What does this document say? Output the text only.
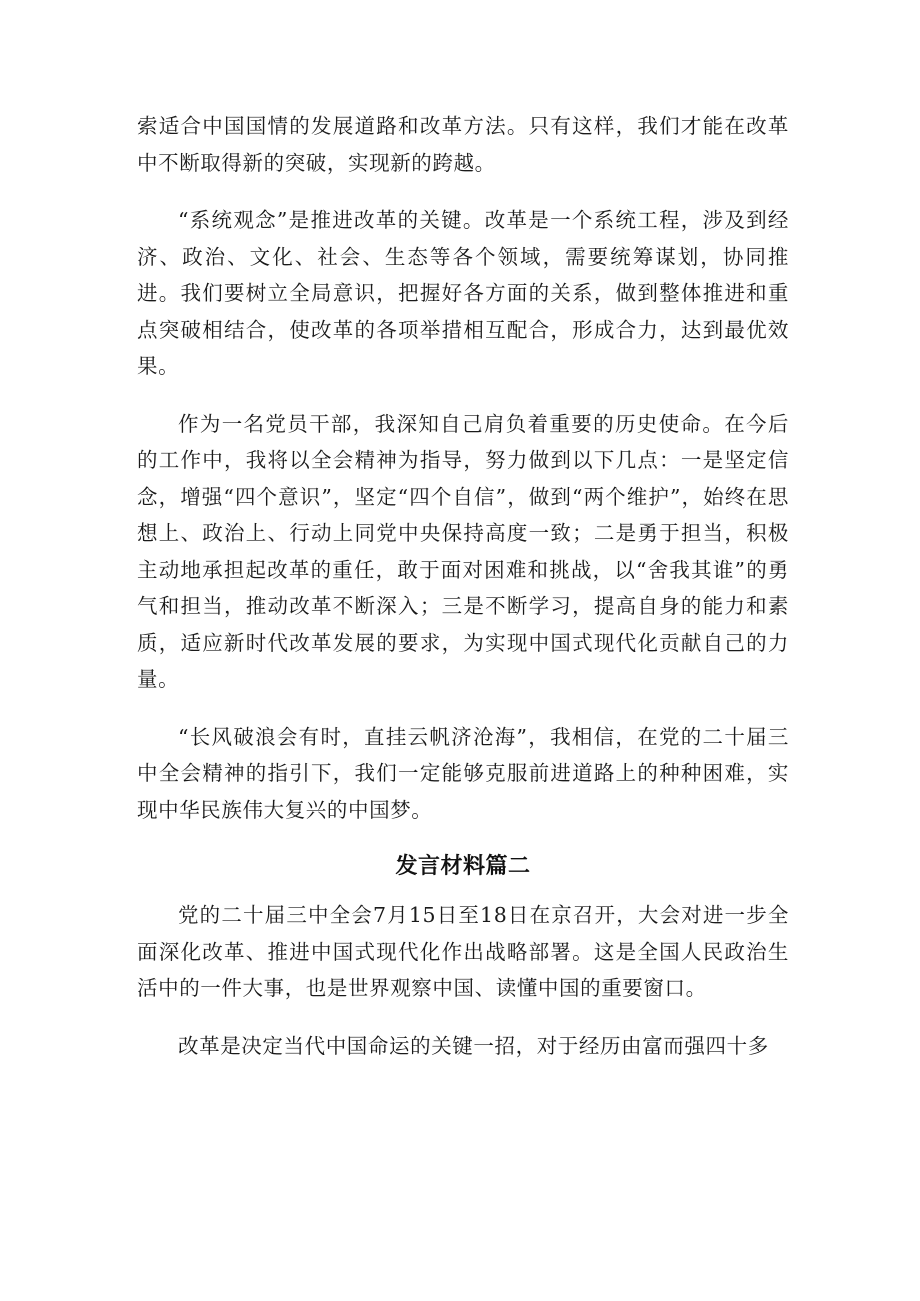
索适合中国国情的发展道路和改革方法。只有这样，我们才能在改革中不断取得新的突破，实现新的跨越。

“系统观念”是推进改革的关键。改革是一个系统工程，涉及到经济、政治、文化、社会、生态等各个领域，需要统筹谋划，协同推进。我们要树立全局意识，把握好各方面的关系，做到整体推进和重点突破相结合，使改革的各项举措相互配合，形成合力，达到最优效果。

作为一名党员干部，我深知自己肩负着重要的历史使命。在今后的工作中，我将以全会精神为指导，努力做到以下几点：一是坚定信念，增强“四个意识”，坚定“四个自信”，做到“两个维护”，始终在思想上、政治上、行动上同党中央保持高度一致；二是勇于担当，积极主动地承担起改革的重任，敢于面对困难和挑战，以“舍我其谁”的勇气和担当，推动改革不断深入；三是不断学习，提高自身的能力和素质，适应新时代改革发展的要求，为实现中国式现代化贡献自己的力量。

“长风破浪会有时，直挂云帆济沧海”，我相信，在党的二十届三中全会精神的指引下，我们一定能够克服前进道路上的种种困难，实现中华民族伟大复兴的中国梦。

发言材料篇二

党的二十届三中全会7月15日至18日在京召开，大会对进一步全面深化改革、推进中国式现代化作出战略部署。这是全国人民政治生活中的一件大事，也是世界观察中国、读懂中国的重要窗口。

改革是决定当代中国命运的关键一招，对于经历由富而强四十多
